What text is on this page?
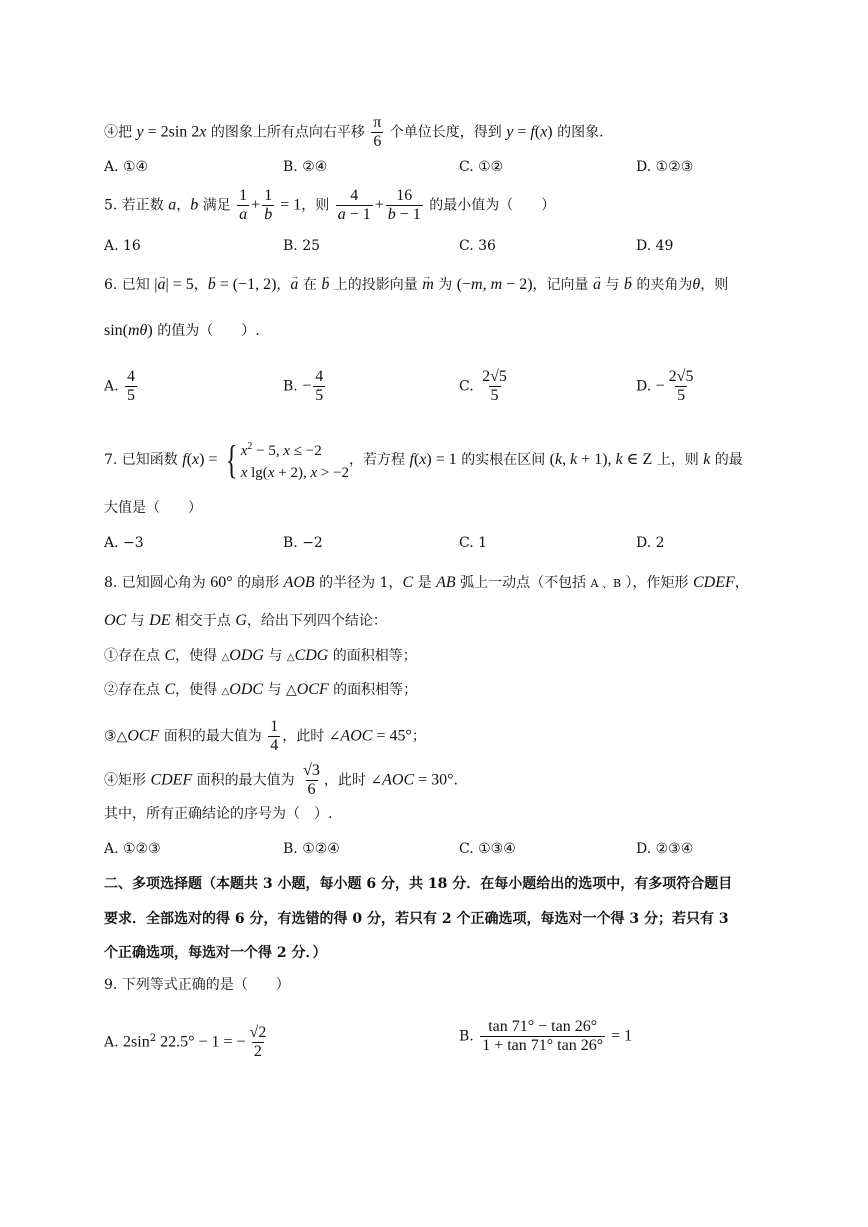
④把 y = 2sin 2x 的图象上所有点向右平移 $\frac{\pi}{6}$ 个单位长度，得到 y = f(x) 的图象.
A. ①④	B. ②④	C. ①②	D. ①②③
5. 若正数 a，b 满足 $\frac{1}{a} + \frac{1}{b} = 1$，则 $\frac{4}{a - 1} + \frac{16}{b - 1}$ 的最小值为（　　）
A. 16	B. 25	C. 36	D. 49
6. 已知 |→ a| = 5，→ b = (−1, 2)，→ a 在 → b 上的投影向量 → m 为 (−m, m − 2)，记向量 → a 与 → b 的夹角为θ，则
sin(mθ) 的值为（　　）.
A. $\frac{4}{5}$	B. − $\frac{4}{5}$	C. $\frac{2√5}{5}$	D. − $\frac{2√5}{5}$
7. 已知函数 f(x) = { $x^2 - 5$, x ≤ −2
x lg(x + 2), x > −2
，若方程 f(x) = 1 的实根在区间 (k, k + 1), k ∈ Z 上，则 k 的最
大值是（　　）
A. −3	B. −2	C. 1	D. 2
8. 已知圆心角为 60° 的扇形 AOB 的半径为 1，C 是 AB 弧上一动点（不包括 A 、B ），作矩形 CDEF，
OC 与 DE 相交于点 G，给出下列四个结论：
①存在点 C，使得 △ODG 与 △CDG 的面积相等；
②存在点 C，使得 △ODC 与 △OCF 的面积相等；
③△OCF 面积的最大值为 $\frac{1}{4}$ ，此时 ∠AOC = 45°；
④矩形 CDEF 面积的最大值为 $\frac{√3}{6}$ ，此时 ∠AOC = 30°.
其中，所有正确结论的序号为（　）.
A. ①②③	B. ①②④	C. ①③④	D. ②③④
二、多项选择题（本题共 3 小题，每小题 6 分，共 18 分．在每小题给出的选项中，有多项符合题目
要求．全部选对的得 6 分，有选错的得 0 分，若只有 2 个正确选项，每选对一个得 3 分；若只有 3
个正确选项，每选对一个得 2 分．）
9. 下列等式正确的是（　　）
A. $2\sin^2$ 22.5° − 1 = − $\frac{√2}{2}$	B. $\frac{\tan 71^\circ - \tan 26^\circ}{1 + \tan 71^\circ \tan 26^\circ} = 1$
